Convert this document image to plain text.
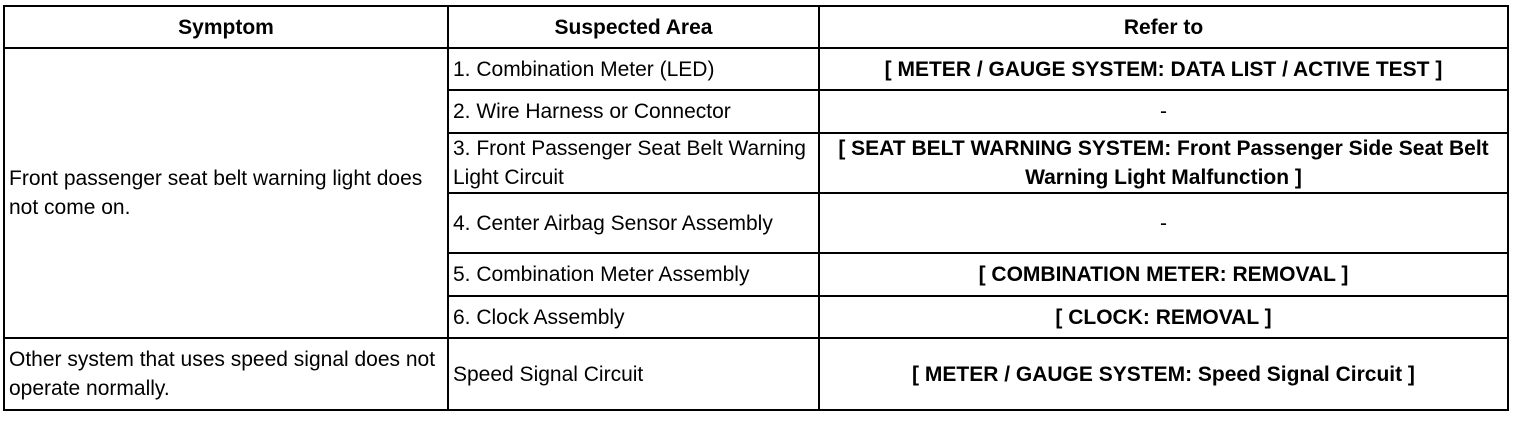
Symptom	Suspected Area	Refer to
Front passenger seat belt warning light does not come on.	1. Combination Meter (LED)	[ METER / GAUGE SYSTEM: DATA LIST / ACTIVE TEST ]
	2. Wire Harness or Connector	-
	3. Front Passenger Seat Belt Warning Light Circuit	[ SEAT BELT WARNING SYSTEM: Front Passenger Side Seat Belt Warning Light Malfunction ]
	4. Center Airbag Sensor Assembly	-
	5. Combination Meter Assembly	[ COMBINATION METER: REMOVAL ]
	6. Clock Assembly	[ CLOCK: REMOVAL ]
Other system that uses speed signal does not operate normally.	Speed Signal Circuit	[ METER / GAUGE SYSTEM: Speed Signal Circuit ]
